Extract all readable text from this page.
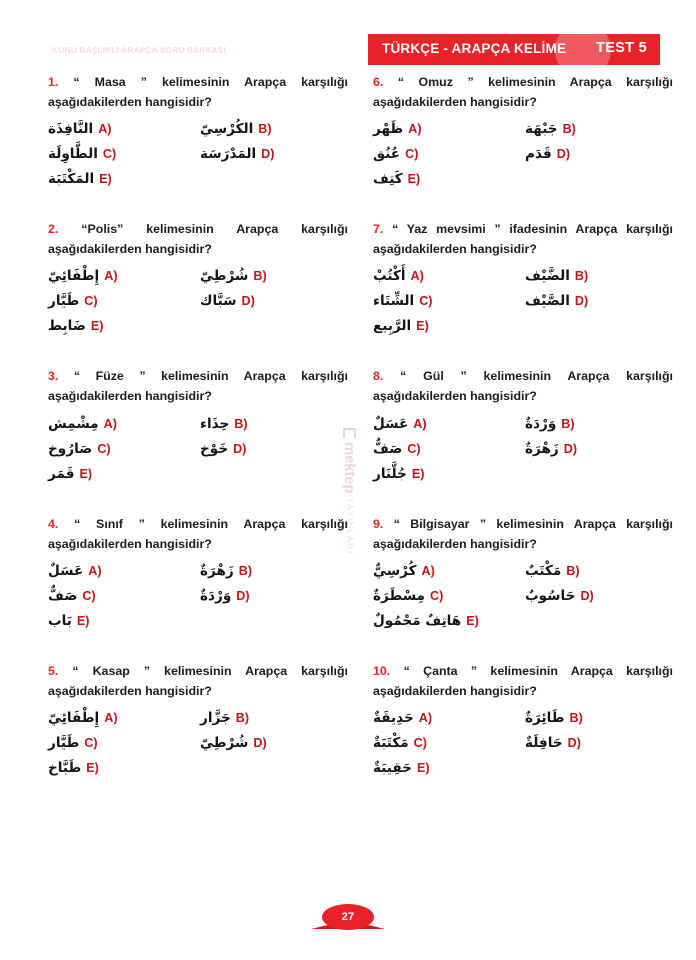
KONU BAŞLIKLI ARAPÇA SORU BANKASI	TÜRKÇE - ARAPÇA KELİME TEST 5
mektep
YAYINLARI
1. “ Masa ” kelimesinin Arapça karşılığı aşağıdakilerden hangisidir?
A)
النَّافِذَة	B)
الكُرْسِيّ
C)
الطَّاوِلَة	D)
المَدْرَسَة
E)
المَكْتَبَة
2. “Polis” kelimesinin Arapça karşılığı aşağıdakilerden hangisidir?
A)
إِطْفَائِيّ	B)
شُرْطِيّ
C)
طَيَّار	D)
سَبَّاك
E)
ضَابِط
3. “ Füze ” kelimesinin Arapça karşılığı aşağıdakilerden hangisidir?
A)
مِشْمِش	B)
حِذَاء
C)
صَارُوخ	D)
خَوْخ
E)
قَمَر
4. “ Sınıf ” kelimesinin Arapça karşılığı aşağıdakilerden hangisidir?
A)
عَسَلٌ	B)
زَهْرَةٌ
C)
صَفٌّ	D)
وَرْدَةٌ
E)
بَاب
5. “ Kasap ” kelimesinin Arapça karşılığı aşağıdakilerden hangisidir?
A)
إِطْفَائِيّ	B)
جَزَّار
C)
طَيَّار	D)
شُرْطِيّ
E)
طَبَّاخ
6. “ Omuz ” kelimesinin Arapça karşılığı aşağıdakilerden hangisidir?
A)
ظَهْر	B)
جَبْهَة
C)
عُنُق	D)
قَدَم
E)
كَتِف
7. “ Yaz mevsimi ” ifadesinin Arapça karşılığı aşağıdakilerden hangisidir?
A)
أَكْتُبْ	B)
الضَّيْف
C)
الشِّتَاء	D)
الصَّيْف
E)
الرَّبِيع
8. “ Gül ” kelimesinin Arapça karşılığı aşağıdakilerden hangisidir?
A)
عَسَلٌ	B)
وَرْدَةٌ
C)
صَفٌّ	D)
زَهْرَةٌ
E)
جُلَّنَار
9. “ Bilgisayar ” kelimesinin Arapça karşılığı aşağıdakilerden hangisidir?
A)
كُرْسِيٌّ	B)
مَكْتَبٌ
C)
مِسْطَرَةٌ	D)
حَاسُوبٌ
E)
هَاتِفٌ مَحْمُولٌ
10. “ Çanta ” kelimesinin Arapça karşılığı aşağıdakilerden hangisidir?
A)
حَدِيقَةٌ	B)
طَائِرَةٌ
C)
مَكْتَبَةٌ	D)
حَافِلَةٌ
E)
حَقِيبَةٌ
27
